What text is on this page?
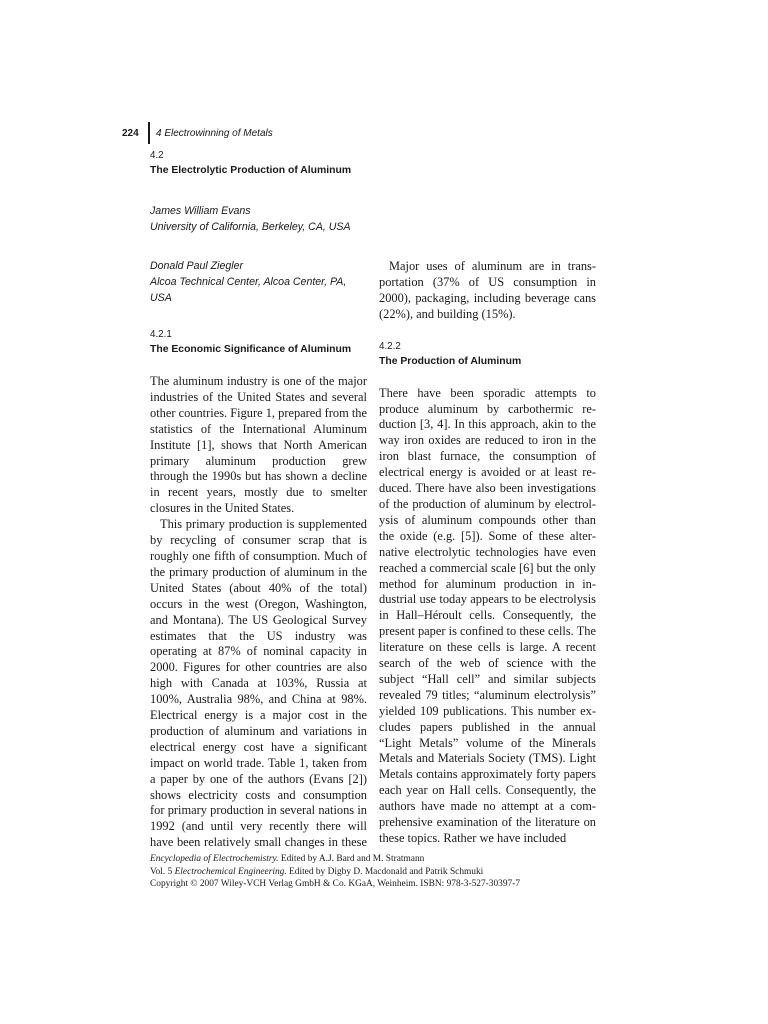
224	4 Electrowinning of Metals

4.2

The Electrolytic Production of Aluminum

James William Evans

University of California, Berkeley, CA, USA

Donald Paul Ziegler

Alcoa Technical Center, Alcoa Center, PA, USA

4.2.1

The Economic Significance of Aluminum

The aluminum industry is one of the major industries of the United States and several other countries. Figure 1, prepared from the statistics of the International Aluminum Institute [1], shows that North American primary aluminum production grew through the 1990s but has shown a decline in recent years, mostly due to smelter closures in the United States.

This primary production is supplemented by recycling of consumer scrap that is roughly one fifth of consumption. Much of the primary production of aluminum in the United States (about 40% of the total) occurs in the west (Oregon, Washington, and Montana). The US Geological Survey estimates that the US industry was operating at 87% of nominal capacity in 2000. Figures for other countries are also high with Canada at 103%, Russia at 100%, Australia 98%, and China at 98%. Electrical energy is a major cost in the production of aluminum and variations in electrical energy cost have a significant impact on world trade. Table 1, taken from a paper by one of the authors (Evans [2]) shows electricity costs and consumption for primary production in several nations in 1992 (and until very recently there will have been relatively small changes in these

Major uses of aluminum are in transportation (37% of US consumption in 2000), packaging, including beverage cans (22%), and building (15%).

4.2.2

The Production of Aluminum

There have been sporadic attempts to produce aluminum by carbothermic reduction [3, 4]. In this approach, akin to the way iron oxides are reduced to iron in the iron blast furnace, the consumption of electrical energy is avoided or at least reduced. There have also been investigations of the production of aluminum by electrolysis of aluminum compounds other than the oxide (e.g. [5]). Some of these alternative electrolytic technologies have even reached a commercial scale [6] but the only method for aluminum production in industrial use today appears to be electrolysis in Hall–Héroult cells. Consequently, the present paper is confined to these cells. The literature on these cells is large. A recent search of the web of science with the subject “Hall cell” and similar subjects revealed 79 titles; “aluminum electrolysis” yielded 109 publications. This number excludes papers published in the annual “Light Metals” volume of the Minerals Metals and Materials Society (TMS). Light Metals contains approximately forty papers each year on Hall cells. Consequently, the authors have made no attempt at a comprehensive examination of the literature on these topics. Rather we have included

Encyclopedia of Electrochemistry. Edited by A.J. Bard and M. Stratmann
Vol. 5 Electrochemical Engineering. Edited by Digby D. Macdonald and Patrik Schmuki
Copyright © 2007 Wiley-VCH Verlag GmbH & Co. KGaA, Weinheim. ISBN: 978-3-527-30397-7
